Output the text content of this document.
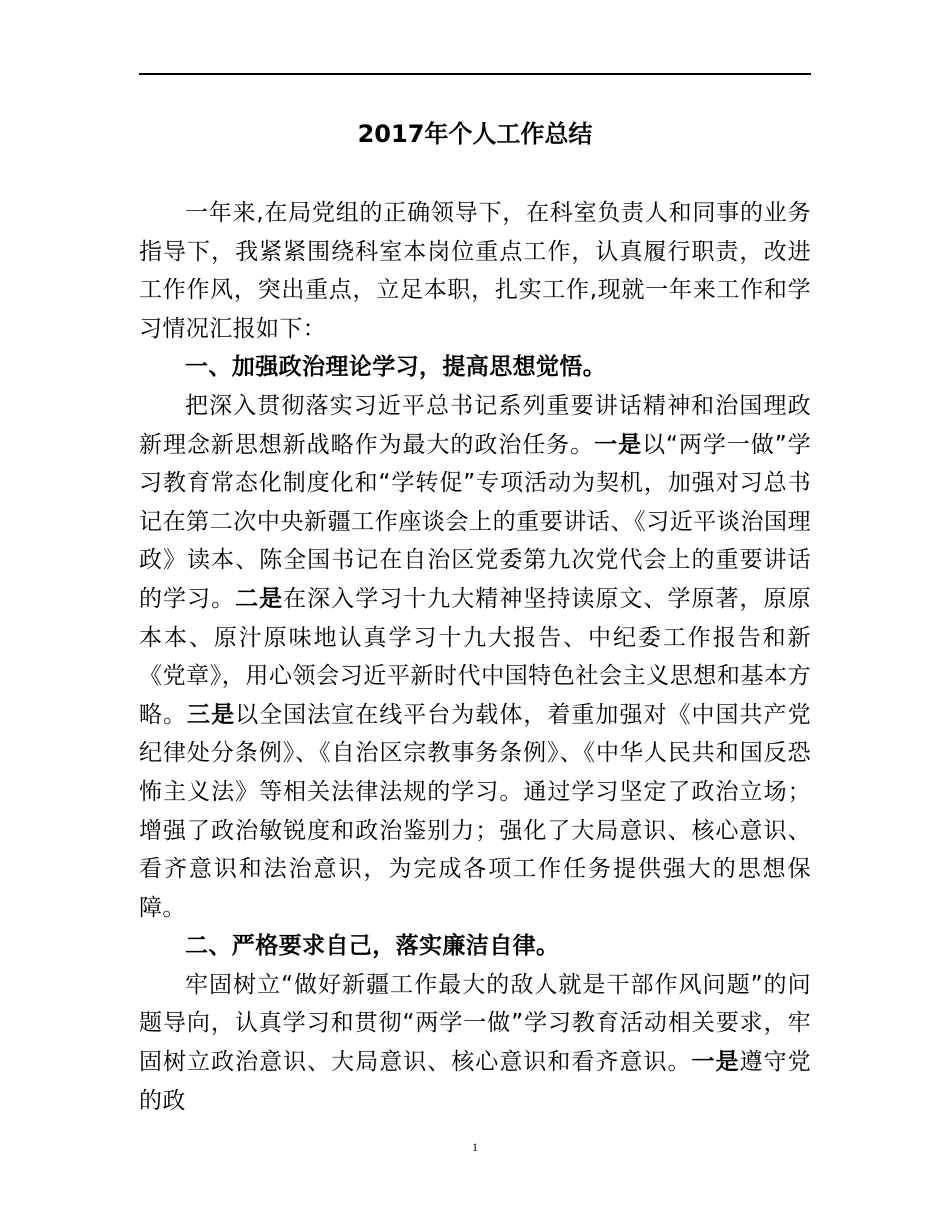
2017年个人工作总结

一年来,在局党组的正确领导下，在科室负责人和同事的业务指导下，我紧紧围绕科室本岗位重点工作，认真履行职责，改进工作作风，突出重点，立足本职，扎实工作,现就一年来工作和学习情况汇报如下：

一、加强政治理论学习，提高思想觉悟。

把深入贯彻落实习近平总书记系列重要讲话精神和治国理政新理念新思想新战略作为最大的政治任务。一是以“两学一做”学习教育常态化制度化和“学转促”专项活动为契机，加强对习总书记在第二次中央新疆工作座谈会上的重要讲话、《习近平谈治国理政》读本、陈全国书记在自治区党委第九次党代会上的重要讲话的学习。二是在深入学习十九大精神坚持读原文、学原著，原原本本、原汁原味地认真学习十九大报告、中纪委工作报告和新《党章》，用心领会习近平新时代中国特色社会主义思想和基本方略。三是以全国法宣在线平台为载体，着重加强对《中国共产党纪律处分条例》、《自治区宗教事务条例》、《中华人民共和国反恐怖主义法》等相关法律法规的学习。通过学习坚定了政治立场；增强了政治敏锐度和政治鉴别力；强化了大局意识、核心意识、看齐意识和法治意识，为完成各项工作任务提供强大的思想保障。

二、严格要求自己，落实廉洁自律。

牢固树立“做好新疆工作最大的敌人就是干部作风问题”的问题导向，认真学习和贯彻“两学一做”学习教育活动相关要求，牢固树立政治意识、大局意识、核心意识和看齐意识。一是遵守党的政

1
